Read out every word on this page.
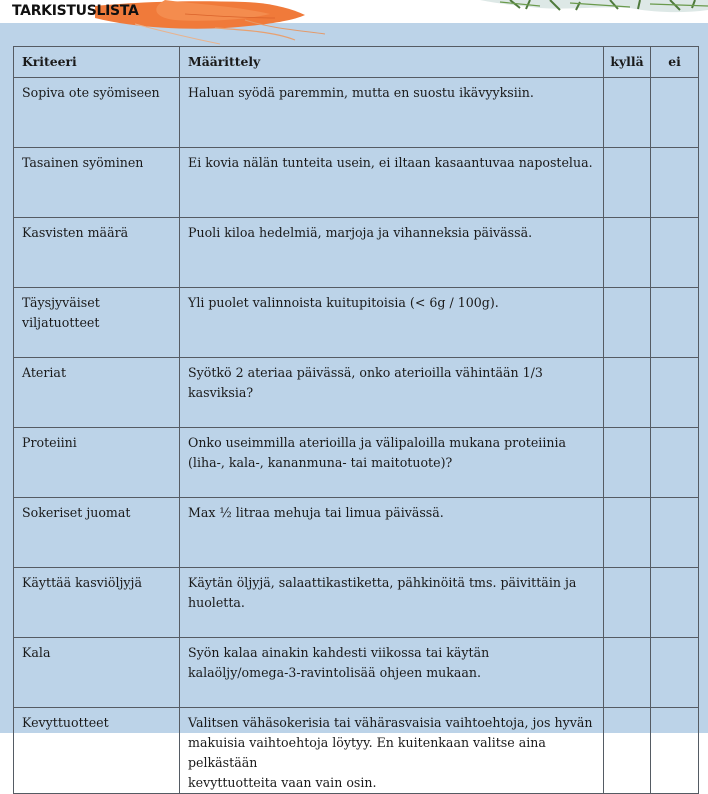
TARKISTUSLISTA
Kriteeri	Määrittely	kyllä	ei
Sopiva ote syömiseen	Haluan syödä paremmin, mutta en suostu ikävyyksiin.		

Tasainen syöminen	Ei kovia nälän tunteita usein, ei iltaan kasaantuvaa napostelua.		

Kasvisten määrä	Puoli kiloa hedelmiä, marjoja ja vihanneksia päivässä.		

Täysjyväiset viljatuotteet	Yli puolet valinnoista kuitupitoisia (< 6g / 100g).		

Ateriat	Syötkö 2 ateriaa päivässä, onko aterioilla vähintään 1/3 kasviksia?		

Proteiini	Onko useimmilla aterioilla ja välipaloilla mukana proteiinia
(liha-, kala-, kananmuna- tai maitotuote)?		

Sokeriset juomat	Max ½ litraa mehuja tai limua päivässä.		

Käyttää kasviöljyjä	Käytän öljyjä, salaattikastiketta, pähkinöitä tms. päivittäin ja huoletta.		

Kala	Syön kalaa ainakin kahdesti viikossa tai käytän
kalaöljy/omega-3-ravintolisää ohjeen mukaan.		

Kevyttuotteet	Valitsen vähäsokerisia tai vähärasvaisia vaihtoehtoja, jos hyvän
makuisia vaihtoehtoja löytyy. En kuitenkaan valitse aina pelkästään
kevyttuotteita vaan vain osin.		
